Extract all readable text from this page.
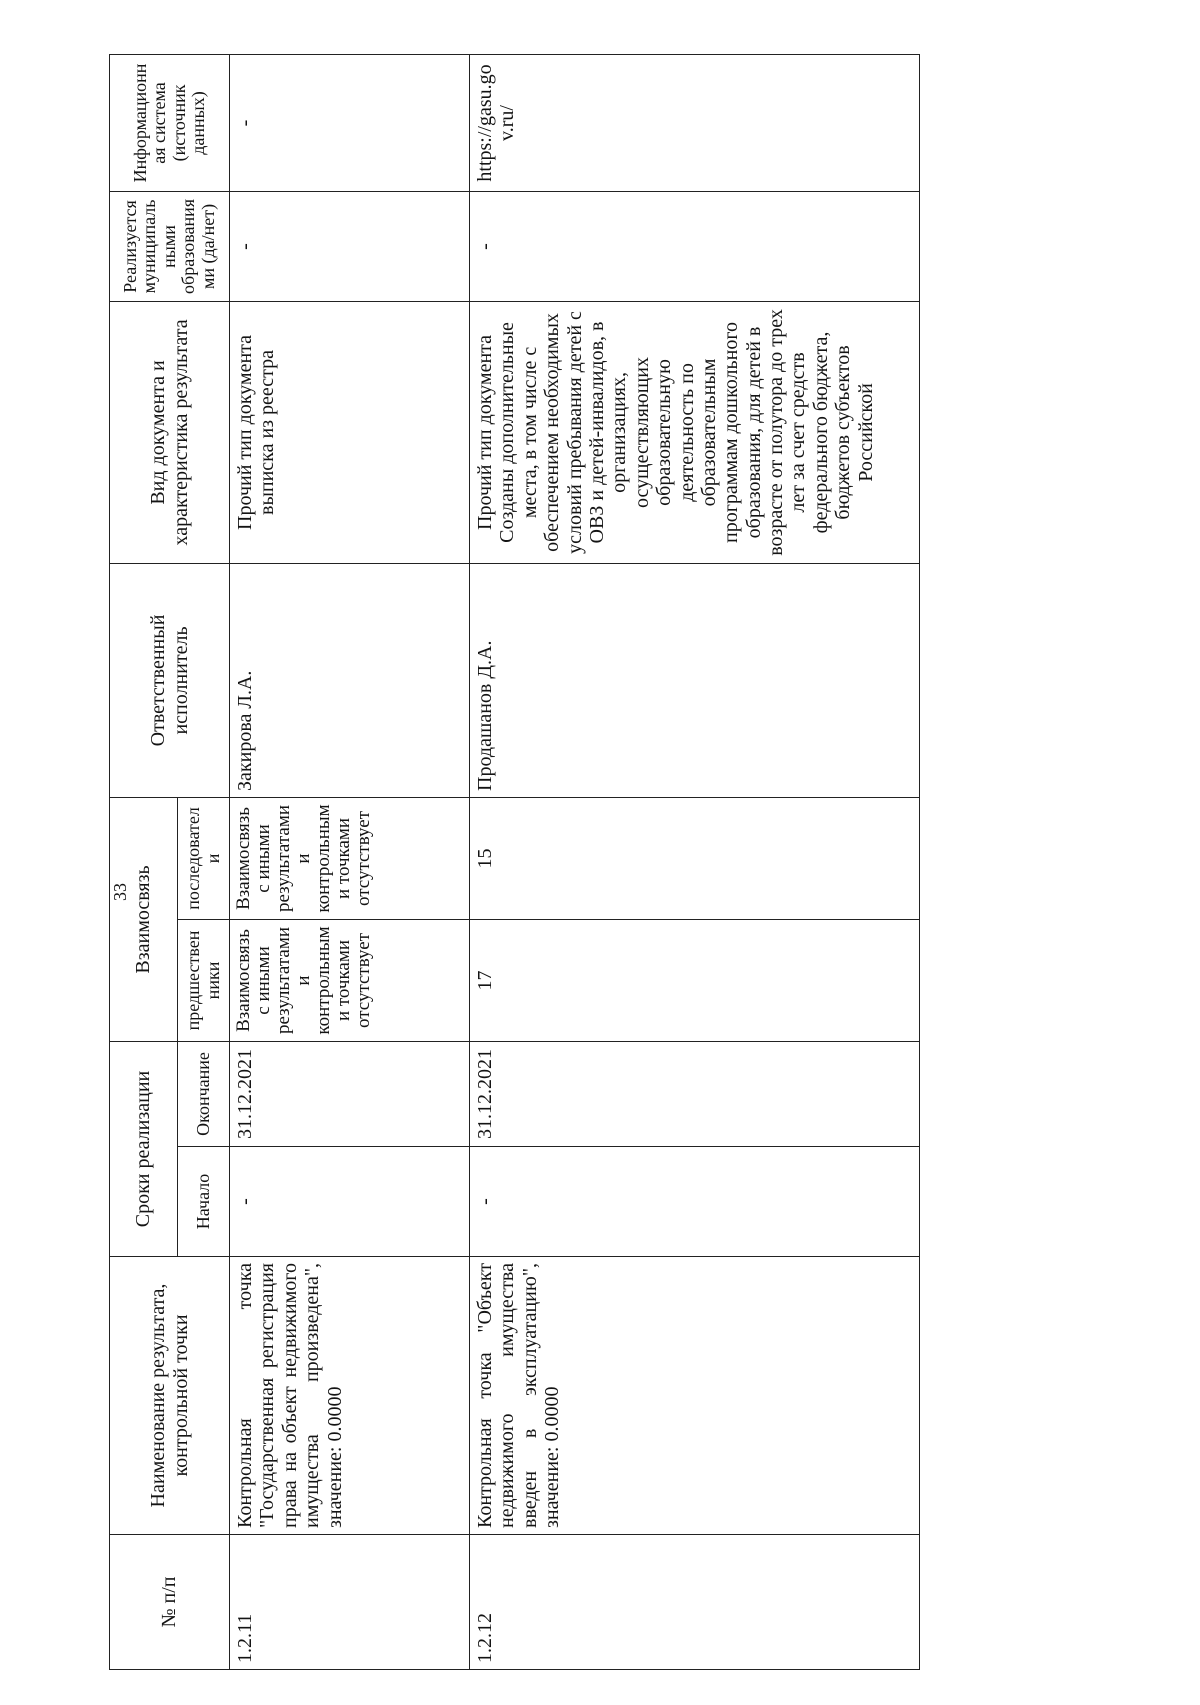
33
№ п/п	Наименование результата, контрольной точки	Сроки реализации		Взаимосвязь		Ответственный исполнитель	Вид документа и характеристика результата	Реализуется муниципальными образованиями (да/нет)	Информационная система (источник данных)
		Начало	Окончание	предшественники	последователи				
1.2.11	Контрольная точка "Государственная регистрация права на объект недвижимого имущества произведена", значение: 0.0000	-	31.12.2021	Взаимосвязь с иными результатами и контрольными точками отсутствует	Взаимосвязь с иными результатами и контрольными точками отсутствует	Закирова Л.А.	Прочий тип документа выписка из реестра	-	-
1.2.12	Контрольная точка "Объект недвижимого имущества введен в эксплуатацию", значение: 0.0000	-	31.12.2021	17	15	Продашанов Д.А.	Прочий тип документа Созданы дополнительные места, в том числе с обеспечением необходимых условий пребывания детей с ОВЗ и детей-инвалидов, в организациях, осуществляющих образовательную деятельность по образовательным программам дошкольного образования, для детей в возрасте от полутора до трех лет за счет средств федерального бюджета, бюджетов субъектов Российской	-	https://gasu.gov.ru/
